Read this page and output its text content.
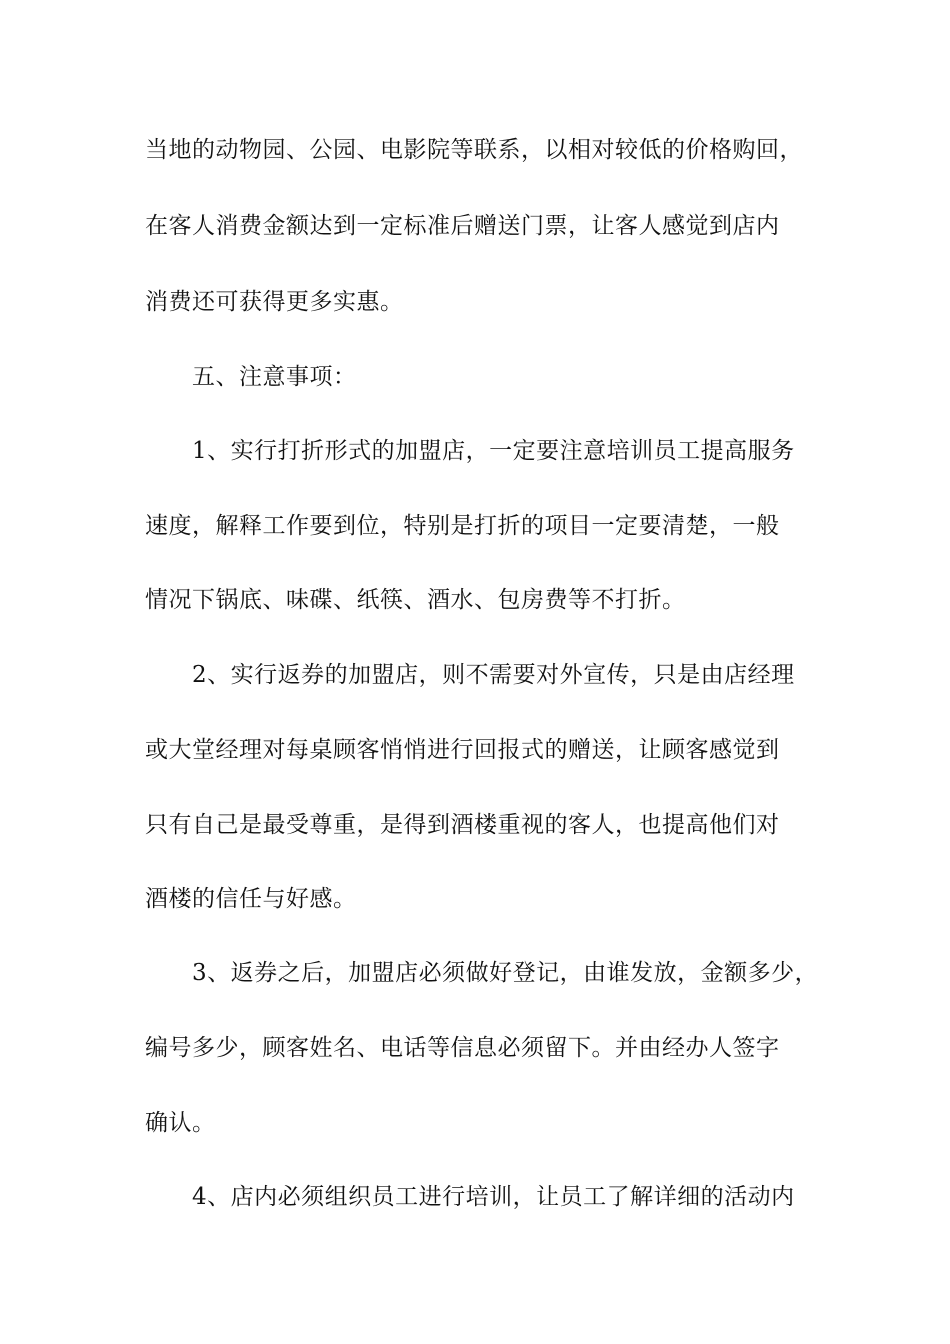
当地的动物园、公园、电影院等联系，以相对较低的价格购回，
在客人消费金额达到一定标准后赠送门票，让客人感觉到店内
消费还可获得更多实惠。
五、注意事项：
1、实行打折形式的加盟店，一定要注意培训员工提高服务
速度，解释工作要到位，特别是打折的项目一定要清楚，一般
情况下锅底、味碟、纸筷、酒水、包房费等不打折。
2、实行返券的加盟店，则不需要对外宣传，只是由店经理
或大堂经理对每桌顾客悄悄进行回报式的赠送，让顾客感觉到
只有自己是最受尊重，是得到酒楼重视的客人，也提高他们对
酒楼的信任与好感。
3、返券之后，加盟店必须做好登记，由谁发放，金额多少，
编号多少，顾客姓名、电话等信息必须留下。并由经办人签字
确认。
4、店内必须组织员工进行培训，让员工了解详细的活动内
